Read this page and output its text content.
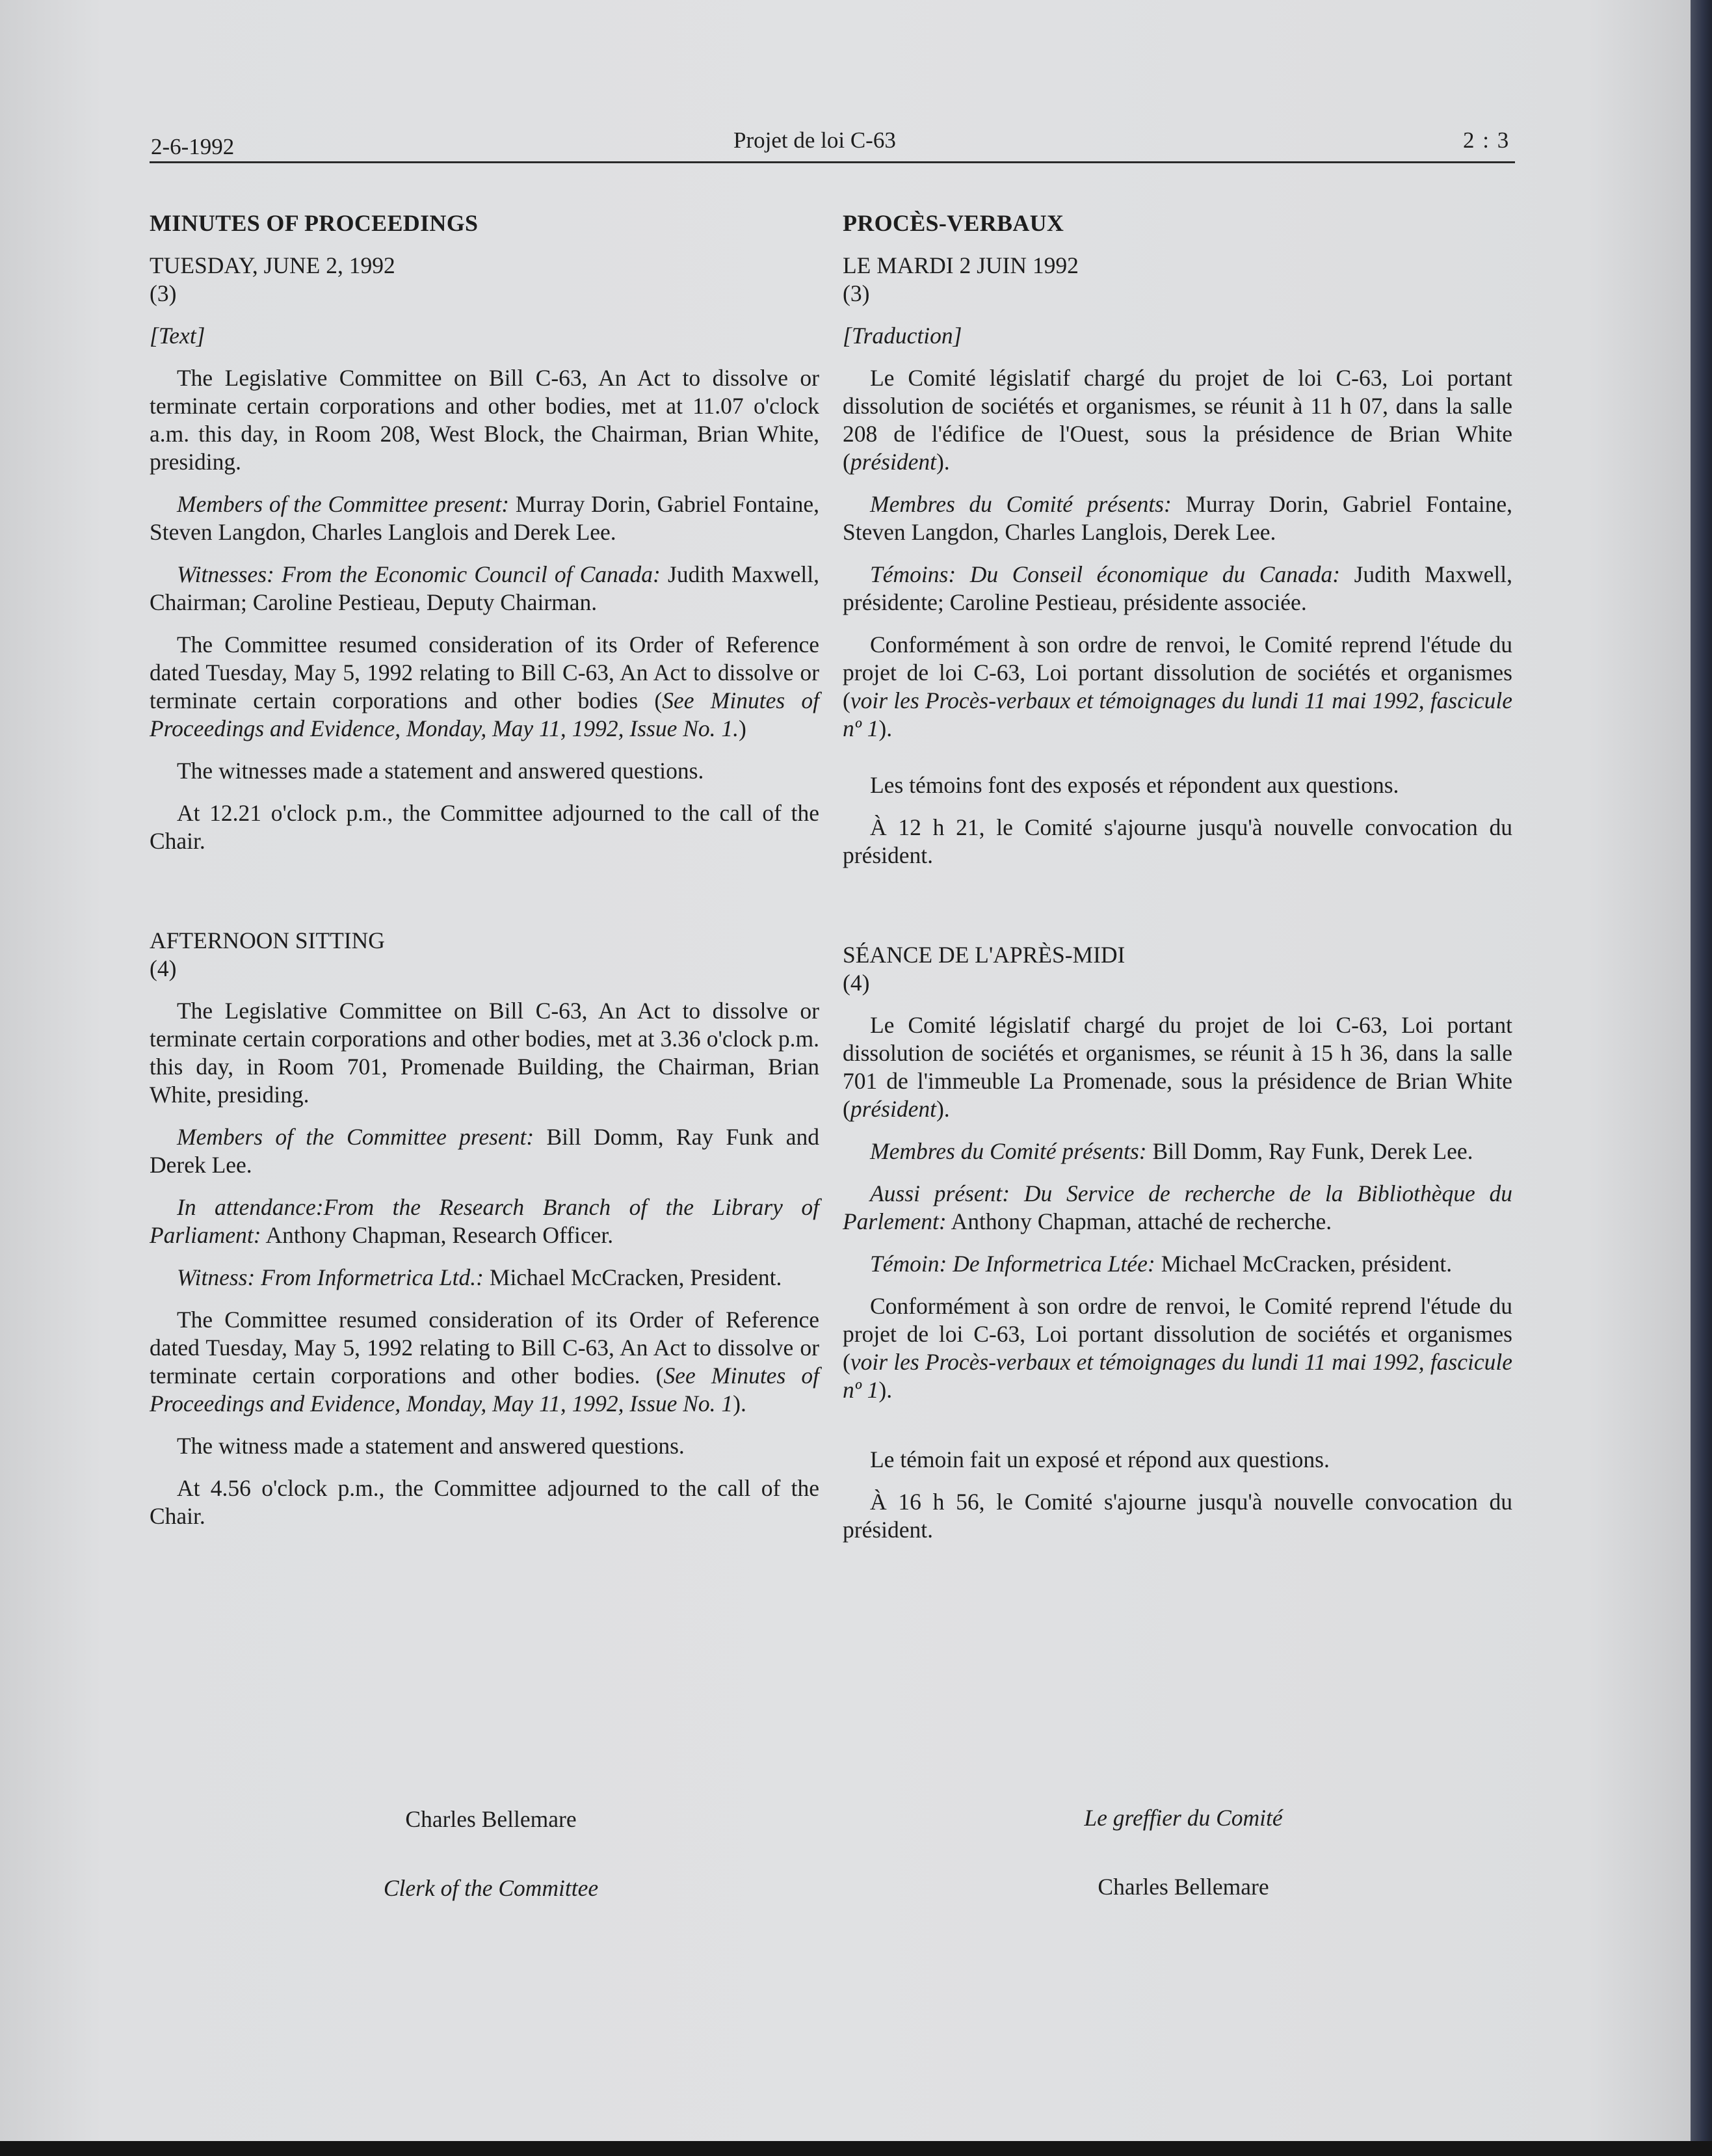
2-6-1992	Projet de loi C-63	2 : 3

MINUTES OF PROCEEDINGS

TUESDAY, JUNE 2, 1992

(3)

[Text]

The Legislative Committee on Bill C-63, An Act to dissolve or terminate certain corporations and other bodies, met at 11.07 o'clock a.m. this day, in Room 208, West Block, the Chairman, Brian White, presiding.

Members of the Committee present: Murray Dorin, Gabriel Fontaine, Steven Langdon, Charles Langlois and Derek Lee.

Witnesses: From the Economic Council of Canada: Judith Maxwell, Chairman; Caroline Pestieau, Deputy Chairman.

The Committee resumed consideration of its Order of Reference dated Tuesday, May 5, 1992 relating to Bill C-63, An Act to dissolve or terminate certain corporations and other bodies (See Minutes of Proceedings and Evidence, Monday, May 11, 1992, Issue No. 1.)

The witnesses made a statement and answered questions.

At 12.21 o'clock p.m., the Committee adjourned to the call of the Chair.

AFTERNOON SITTING

(4)

The Legislative Committee on Bill C-63, An Act to dissolve or terminate certain corporations and other bodies, met at 3.36 o'clock p.m. this day, in Room 701, Promenade Building, the Chairman, Brian White, presiding.

Members of the Committee present: Bill Domm, Ray Funk and Derek Lee.

In attendance:From the Research Branch of the Library of Parliament: Anthony Chapman, Research Officer.

Witness: From Informetrica Ltd.: Michael McCracken, President.

The Committee resumed consideration of its Order of Reference dated Tuesday, May 5, 1992 relating to Bill C-63, An Act to dissolve or terminate certain corporations and other bodies. (See Minutes of Proceedings and Evidence, Monday, May 11, 1992, Issue No. 1).

The witness made a statement and answered questions.

At 4.56 o'clock p.m., the Committee adjourned to the call of the Chair.

PROCÈS-VERBAUX

LE MARDI 2 JUIN 1992

(3)

[Traduction]

Le Comité législatif chargé du projet de loi C-63, Loi portant dissolution de sociétés et organismes, se réunit à 11 h 07, dans la salle 208 de l'édifice de l'Ouest, sous la présidence de Brian White (président).

Membres du Comité présents: Murray Dorin, Gabriel Fontaine, Steven Langdon, Charles Langlois, Derek Lee.

Témoins: Du Conseil économique du Canada: Judith Maxwell, présidente; Caroline Pestieau, présidente associée.

Conformément à son ordre de renvoi, le Comité reprend l'étude du projet de loi C-63, Loi portant dissolution de sociétés et organismes (voir les Procès-verbaux et témoignages du lundi 11 mai 1992, fascicule nº 1).

Les témoins font des exposés et répondent aux questions.

À 12 h 21, le Comité s'ajourne jusqu'à nouvelle convocation du président.

SÉANCE DE L'APRÈS-MIDI

(4)

Le Comité législatif chargé du projet de loi C-63, Loi portant dissolution de sociétés et organismes, se réunit à 15 h 36, dans la salle 701 de l'immeuble La Promenade, sous la présidence de Brian White (président).

Membres du Comité présents: Bill Domm, Ray Funk, Derek Lee.

Aussi présent: Du Service de recherche de la Bibliothèque du Parlement: Anthony Chapman, attaché de recherche.

Témoin: De Informetrica Ltée: Michael McCracken, président.

Conformément à son ordre de renvoi, le Comité reprend l'étude du projet de loi C-63, Loi portant dissolution de sociétés et organismes (voir les Procès-verbaux et témoignages du lundi 11 mai 1992, fascicule nº 1).

Le témoin fait un exposé et répond aux questions.

À 16 h 56, le Comité s'ajourne jusqu'à nouvelle convocation du président.

Charles Bellemare
Clerk of the Committee
Le greffier du Comité
Charles Bellemare
